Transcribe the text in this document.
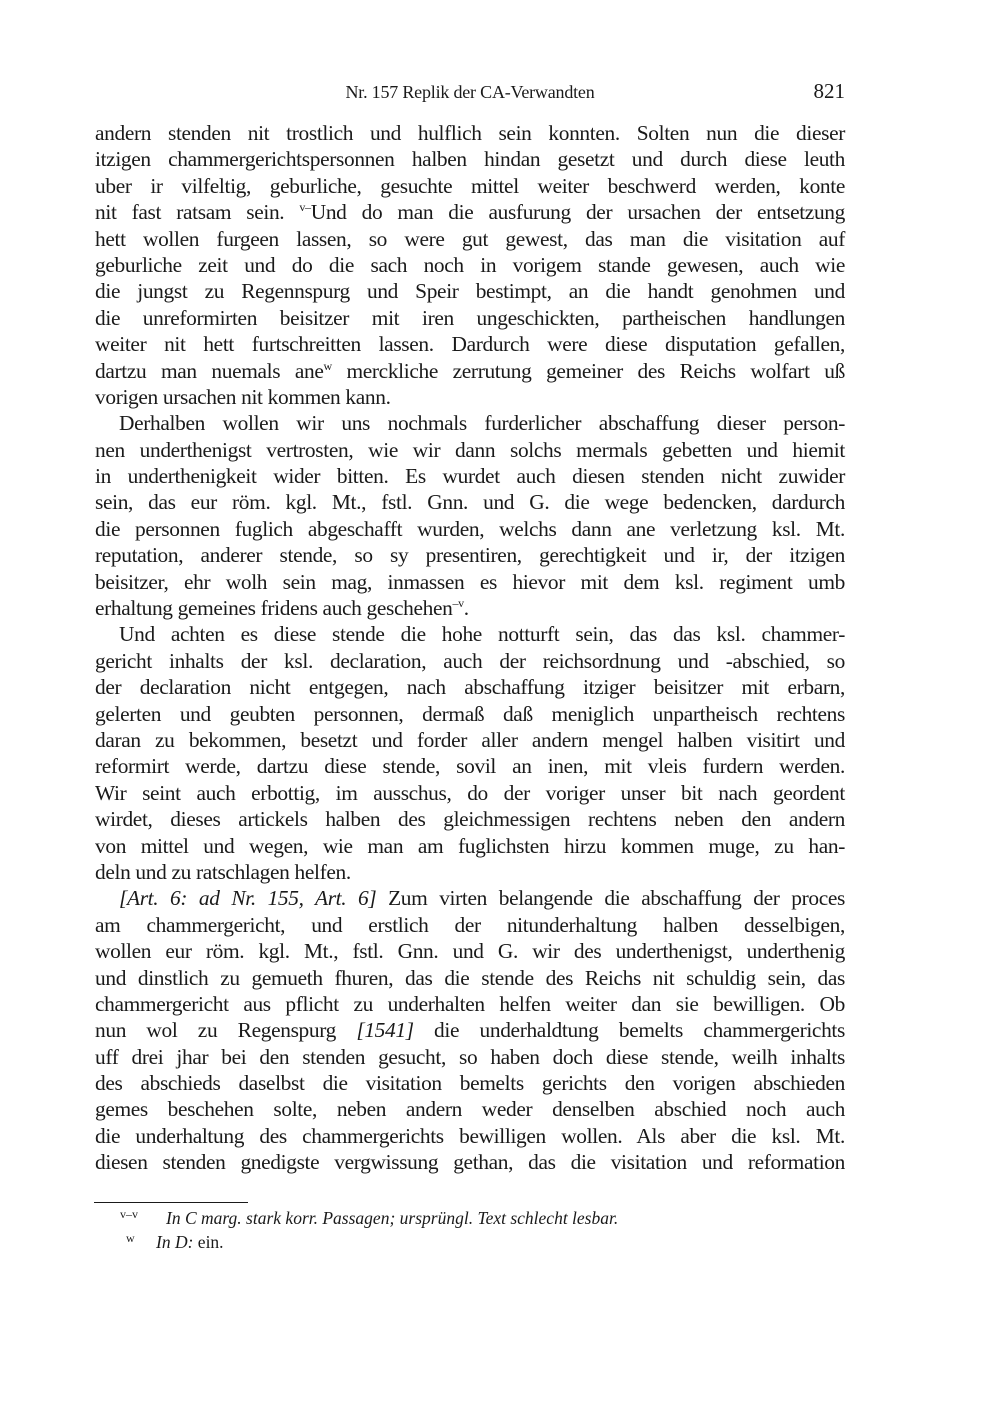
Nr. 157 Replik der CA-Verwandten	821
andern stenden nit trostlich und hulflich sein konnten. Solten nun die dieser
itzigen chammergerichtspersonnen halben hindan gesetzt und durch diese leuth
uber ir vilfeltig, geburliche, gesuchte mittel weiter beschwerd werden, konte
nit fast ratsam sein. $^{v-}$Und do man die ausfurung der ursachen der entsetzung
hett wollen furgeen lassen, so were gut gewest, das man die visitation auf
geburliche zeit und do die sach noch in vorigem stande gewesen, auch wie
die jungst zu Regennspurg und Speir bestimpt, an die handt genohmen und
die unreformirten beisitzer mit iren ungeschickten, partheischen handlungen
weiter nit hett furtschreitten lassen. Dardurch were diese disputation gefallen,
dartzu man nuemals ane$^w$ merckliche zerrutung gemeiner des Reichs wolfart uß
vorigen ursachen nit kommen kann.
Derhalben wollen wir uns nochmals furderlicher abschaffung dieser person-
nen underthenigst vertrosten, wie wir dann solchs mermals gebetten und hiemit
in underthenigkeit wider bitten. Es wurdet auch diesen stenden nicht zuwider
sein, das eur röm. kgl. Mt., fstl. Gnn. und G. die wege bedencken, dardurch
die personnen fuglich abgeschafft wurden, welchs dann ane verletzung ksl. Mt.
reputation, anderer stende, so sy presentiren, gerechtigkeit und ir, der itzigen
beisitzer, ehr wolh sein mag, inmassen es hievor mit dem ksl. regiment umb
erhaltung gemeines fridens auch geschehen$^{-v}$.
Und achten es diese stende die hohe notturft sein, das das ksl. chammer-
gericht inhalts der ksl. declaration, auch der reichsordnung und -abschied, so
der declaration nicht entgegen, nach abschaffung itziger beisitzer mit erbarn,
gelerten und geubten personnen, dermaß daß meniglich unpartheisch rechtens
daran zu bekommen, besetzt und forder aller andern mengel halben visitirt und
reformirt werde, dartzu diese stende, sovil an inen, mit vleis furdern werden.
Wir seint auch erbottig, im ausschus, do der voriger unser bit nach geordent
wirdet, dieses artickels halben des gleichmessigen rechtens neben den andern
von mittel und wegen, wie man am fuglichsten hirzu kommen muge, zu han-
deln und zu ratschlagen helfen.
[Art. 6: ad Nr. 155, Art. 6] Zum virten belangende die abschaffung der proces
am chammergericht, und erstlich der nitunderhaltung halben desselbigen,
wollen eur röm. kgl. Mt., fstl. Gnn. und G. wir des underthenigst, underthenig
und dinstlich zu gemueth fhuren, das die stende des Reichs nit schuldig sein, das
chammergericht aus pflicht zu underhalten helfen weiter dan sie bewilligen. Ob
nun wol zu Regenspurg [1541] die underhaldtung bemelts chammergerichts
uff drei jhar bei den stenden gesucht, so haben doch diese stende, weilh inhalts
des abschieds daselbst die visitation bemelts gerichts den vorigen abschieden
gemes beschehen solte, neben andern weder denselben abschied noch auch
die underhaltung des chammergerichts bewilligen wollen. Als aber die ksl. Mt.
diesen stenden gnedigste vergwissung gethan, das die visitation und reformation
v–v In C marg. stark korr. Passagen; ursprüngl. Text schlecht lesbar.
w In D: ein.
